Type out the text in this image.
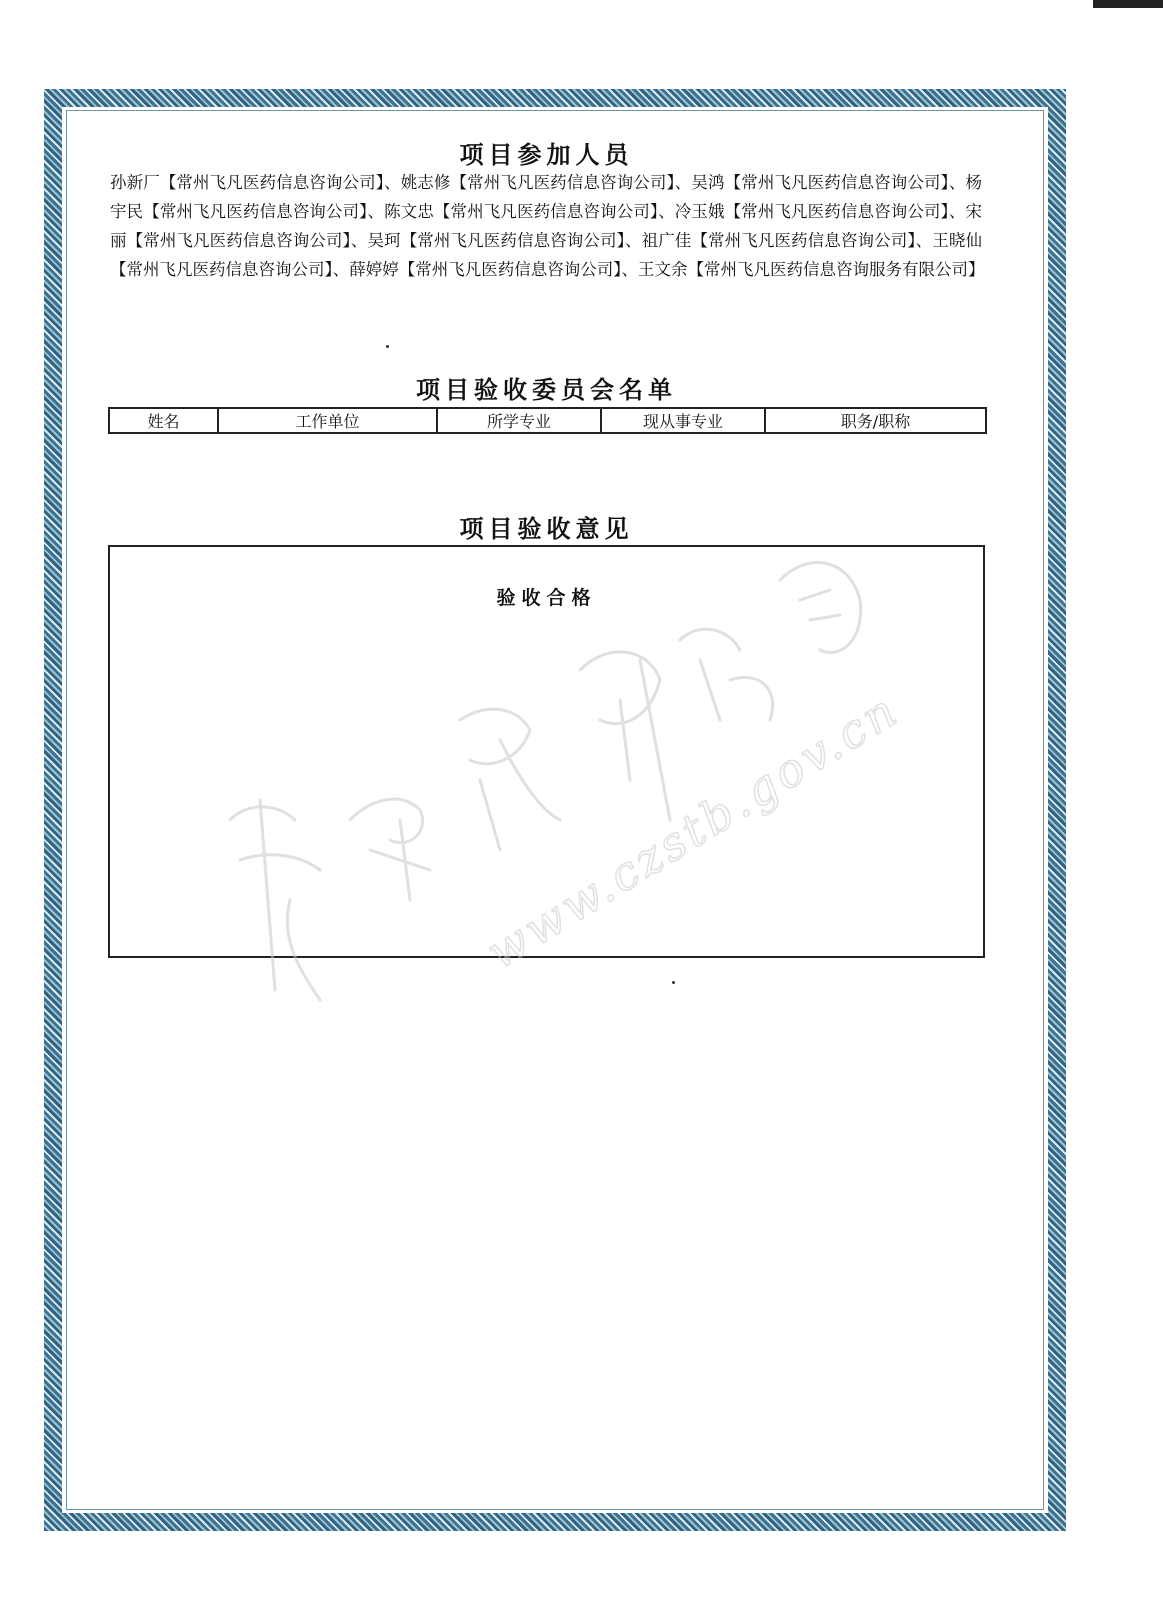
项目参加人员

孙新厂【常州飞凡医药信息咨询公司】、姚志修【常州飞凡医药信息咨询公司】、吴鸿【常州飞凡医药信息咨询公司】、杨宇民【常州飞凡医药信息咨询公司】、陈文忠【常州飞凡医药信息咨询公司】、冷玉娥【常州飞凡医药信息咨询公司】、宋丽【常州飞凡医药信息咨询公司】、吴珂【常州飞凡医药信息咨询公司】、祖广佳【常州飞凡医药信息咨询公司】、王晓仙【常州飞凡医药信息咨询公司】、薛婷婷【常州飞凡医药信息咨询公司】、王文余【常州飞凡医药信息咨询服务有限公司】

项目验收委员会名单
姓名	工作单位	所学专业	现从事专业	职务/职称
项目验收意见

验收合格

www.czstb.gov.cn
